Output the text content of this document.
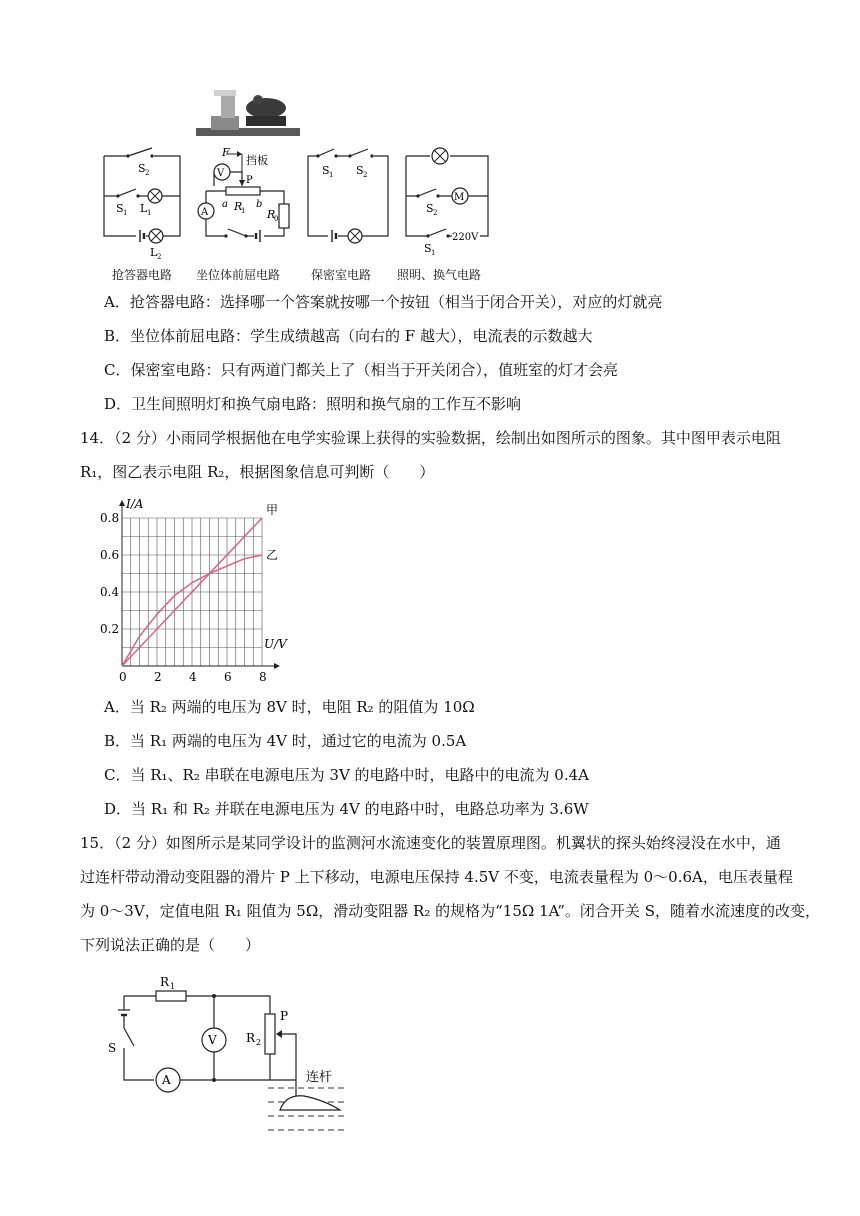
S 2
S 1 L 1
L 2
V
F
挡板
P
A
a R
1
b
R
0
S 1 S 2
220V
M
S 2
S 1
抢答器电路 坐位体前屈电路	保密室电路 照明、换气电路
A．抢答器电路：选择哪一个答案就按哪一个按钮（相当于闭合开关），对应的灯就亮
B．坐位体前屈电路：学生成绩越高（向右的 F 越大），电流表的示数越大
C．保密室电路：只有两道门都关上了（相当于开关闭合），值班室的灯才会亮
D．卫生间照明灯和换气扇电路：照明和换气扇的工作互不影响
14．（2 分）小雨同学根据他在电学实验课上获得的实验数据，绘制出如图所示的图象。其中图甲表示电阻
R₁，图乙表示电阻 R₂，根据图象信息可判断（　　）
甲
乙
0 2 4 6 8
0.2
0.4
0.6
0.8
U/V
I/A
A．当 R₂ 两端的电压为 8V 时，电阻 R₂ 的阻值为 10Ω
B．当 R₁ 两端的电压为 4V 时，通过它的电流为 0.5A
C．当 R₁、R₂ 串联在电源电压为 3V 的电路中时，电路中的电流为 0.4A
D．当 R₁ 和 R₂ 并联在电源电压为 4V 的电路中时，电路总功率为 3.6W
15．（2 分）如图所示是某同学设计的监测河水流速变化的装置原理图。机翼状的探头始终浸没在水中，通
过连杆带动滑动变阻器的滑片 P 上下移动，电源电压保持 4.5V 不变，电流表量程为 0～0.6A，电压表量程
为 0～3V，定值电阻 R₁ 阻值为 5Ω，滑动变阻器 R₂ 的规格为“15Ω 1A”。闭合开关 S，随着水流速度的改变，
下列说法正确的是（　　）
R 1
S
A
V R 2
P
连杆
